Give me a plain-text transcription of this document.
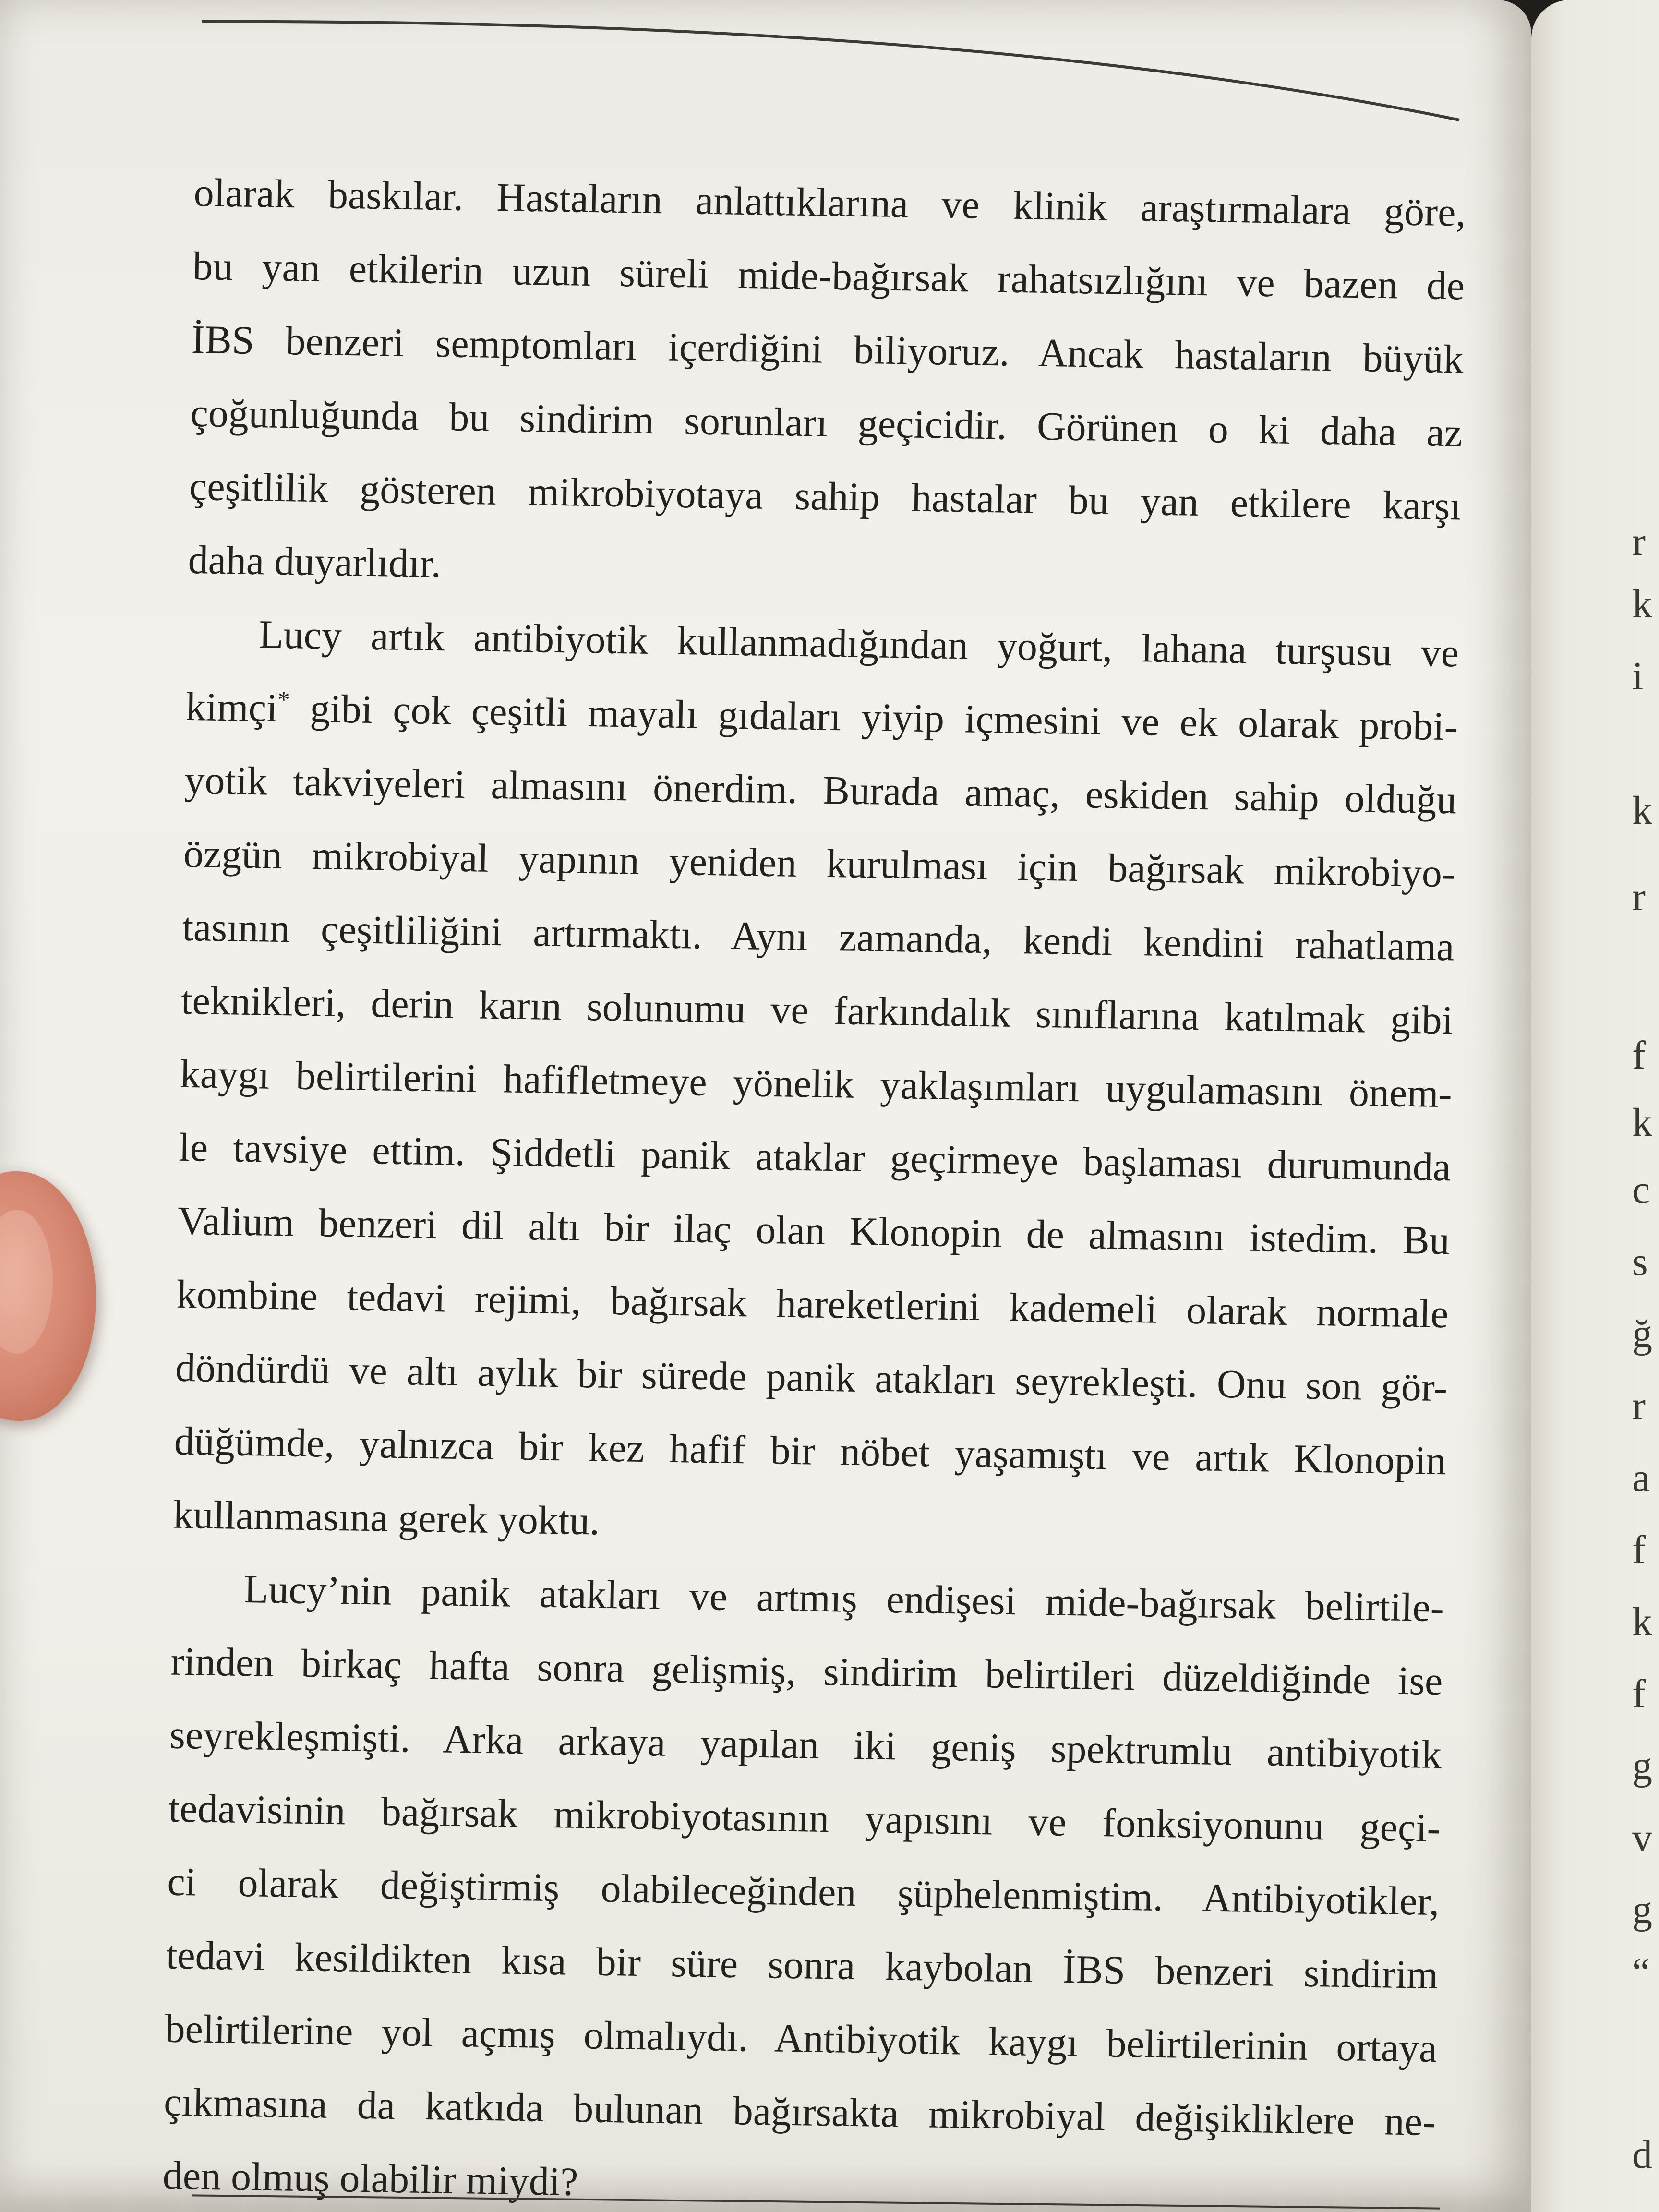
olarak baskılar. Hastaların anlattıklarına ve klinik araştırmalara göre,
bu yan etkilerin uzun süreli mide-bağırsak rahatsızlığını ve bazen de
İBS benzeri semptomları içerdiğini biliyoruz. Ancak hastaların büyük
çoğunluğunda bu sindirim sorunları geçicidir. Görünen o ki daha az
çeşitlilik gösteren mikrobiyotaya sahip hastalar bu yan etkilere karşı
daha duyarlıdır.
Lucy artık antibiyotik kullanmadığından yoğurt, lahana turşusu ve
kimçi* gibi çok çeşitli mayalı gıdaları yiyip içmesini ve ek olarak probi-
yotik takviyeleri almasını önerdim. Burada amaç, eskiden sahip olduğu
özgün mikrobiyal yapının yeniden kurulması için bağırsak mikrobiyo-
tasının çeşitliliğini artırmaktı. Aynı zamanda, kendi kendini rahatlama
teknikleri, derin karın solunumu ve farkındalık sınıflarına katılmak gibi
kaygı belirtilerini hafifletmeye yönelik yaklaşımları uygulamasını önem-
le tavsiye ettim. Şiddetli panik ataklar geçirmeye başlaması durumunda
Valium benzeri dil altı bir ilaç olan Klonopin de almasını istedim. Bu
kombine tedavi rejimi, bağırsak hareketlerini kademeli olarak normale
döndürdü ve altı aylık bir sürede panik atakları seyrekleşti. Onu son gör-
düğümde, yalnızca bir kez hafif bir nöbet yaşamıştı ve artık Klonopin
kullanmasına gerek yoktu.
Lucy’nin panik atakları ve artmış endişesi mide-bağırsak belirtile-
rinden birkaç hafta sonra gelişmiş, sindirim belirtileri düzeldiğinde ise
seyrekleşmişti. Arka arkaya yapılan iki geniş spektrumlu antibiyotik
tedavisinin bağırsak mikrobiyotasının yapısını ve fonksiyonunu geçi-
ci olarak değiştirmiş olabileceğinden şüphelenmiştim. Antibiyotikler,
tedavi kesildikten kısa bir süre sonra kaybolan İBS benzeri sindirim
belirtilerine yol açmış olmalıydı. Antibiyotik kaygı belirtilerinin ortaya
çıkmasına da katkıda bulunan bağırsakta mikrobiyal değişikliklere ne-
den olmuş olabilir miydi?
r
k
i
k
r
f
k
c
s
ğ
r
a
f
k
f
g
v
g
“
d
